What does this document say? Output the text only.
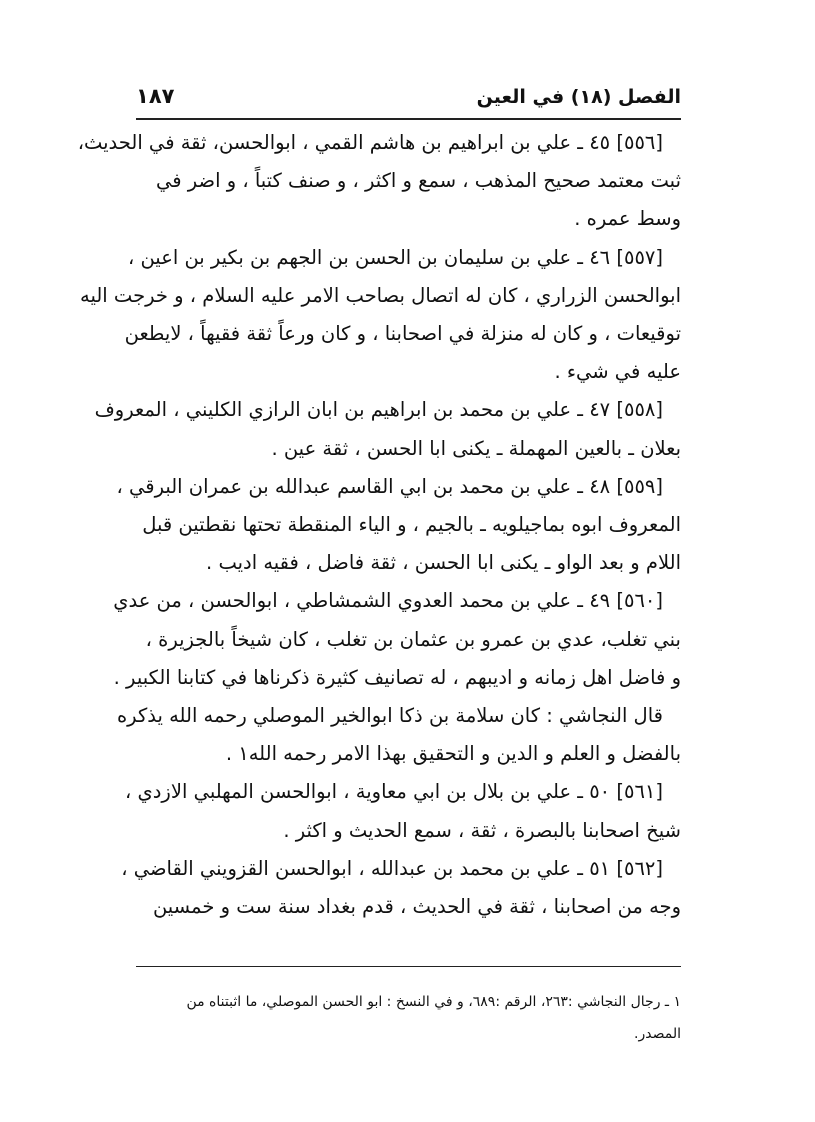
الفصل (١٨) في العين
١٨٧

[٥٥٦] ٤٥ ـ علي بن ابراهيم بن هاشم القمي ، ابوالحسن، ثقة في الحديث،
ثبت معتمد صحيح المذهب ، سمع و اكثر ، و صنف كتباً ، و اضر في
وسط عمره .

[٥٥٧] ٤٦ ـ علي بن سليمان بن الحسن بن الجهم بن بكير بن اعين ،
ابوالحسن الزراري ، كان له اتصال بصاحب الامر عليه السلام ، و خرجت اليه
توقيعات ، و كان له منزلة في اصحابنا ، و كان ورعاً ثقة فقيهاً ، لايطعن
عليه في شيء .

[٥٥٨] ٤٧ ـ علي بن محمد بن ابراهيم بن ابان الرازي الكليني ، المعروف
بعلان ـ بالعين المهملة ـ يكنى ابا الحسن ، ثقة عين .

[٥٥٩] ٤٨ ـ علي بن محمد بن ابي القاسم عبدالله بن عمران البرقي ،
المعروف ابوه بماجيلويه ـ بالجيم ، و الياء المنقطة تحتها نقطتين قبل
اللام و بعد الواو ـ يكنى ابا الحسن ، ثقة فاضل ، فقيه اديب .

[٥٦٠] ٤٩ ـ علي بن محمد العدوي الشمشاطي ، ابوالحسن ، من عدي
بني تغلب، عدي بن عمرو بن عثمان بن تغلب ، كان شيخاً بالجزيرة ،
و فاضل اهل زمانه و اديبهم ، له تصانيف كثيرة ذكرناها في كتابنا الكبير .

قال النجاشي : كان سلامة بن ذكا ابوالخير الموصلي رحمه الله يذكره
بالفضل و العلم و الدين و التحقيق بهذا الامر رحمه الله١ .

[٥٦١] ٥٠ ـ علي بن بلال بن ابي معاوية ، ابوالحسن المهلبي الازدي ،
شيخ اصحابنا بالبصرة ، ثقة ، سمع الحديث و اكثر .

[٥٦٢] ٥١ ـ علي بن محمد بن عبدالله ، ابوالحسن القزويني القاضي ،
وجه من اصحابنا ، ثقة في الحديث ، قدم بغداد سنة ست و خمسين

١ ـ رجال النجاشي :٢٦٣، الرقم :٦٨٩، و في النسخ : ابو الحسن الموصلي، ما اثبتناه من
المصدر.
